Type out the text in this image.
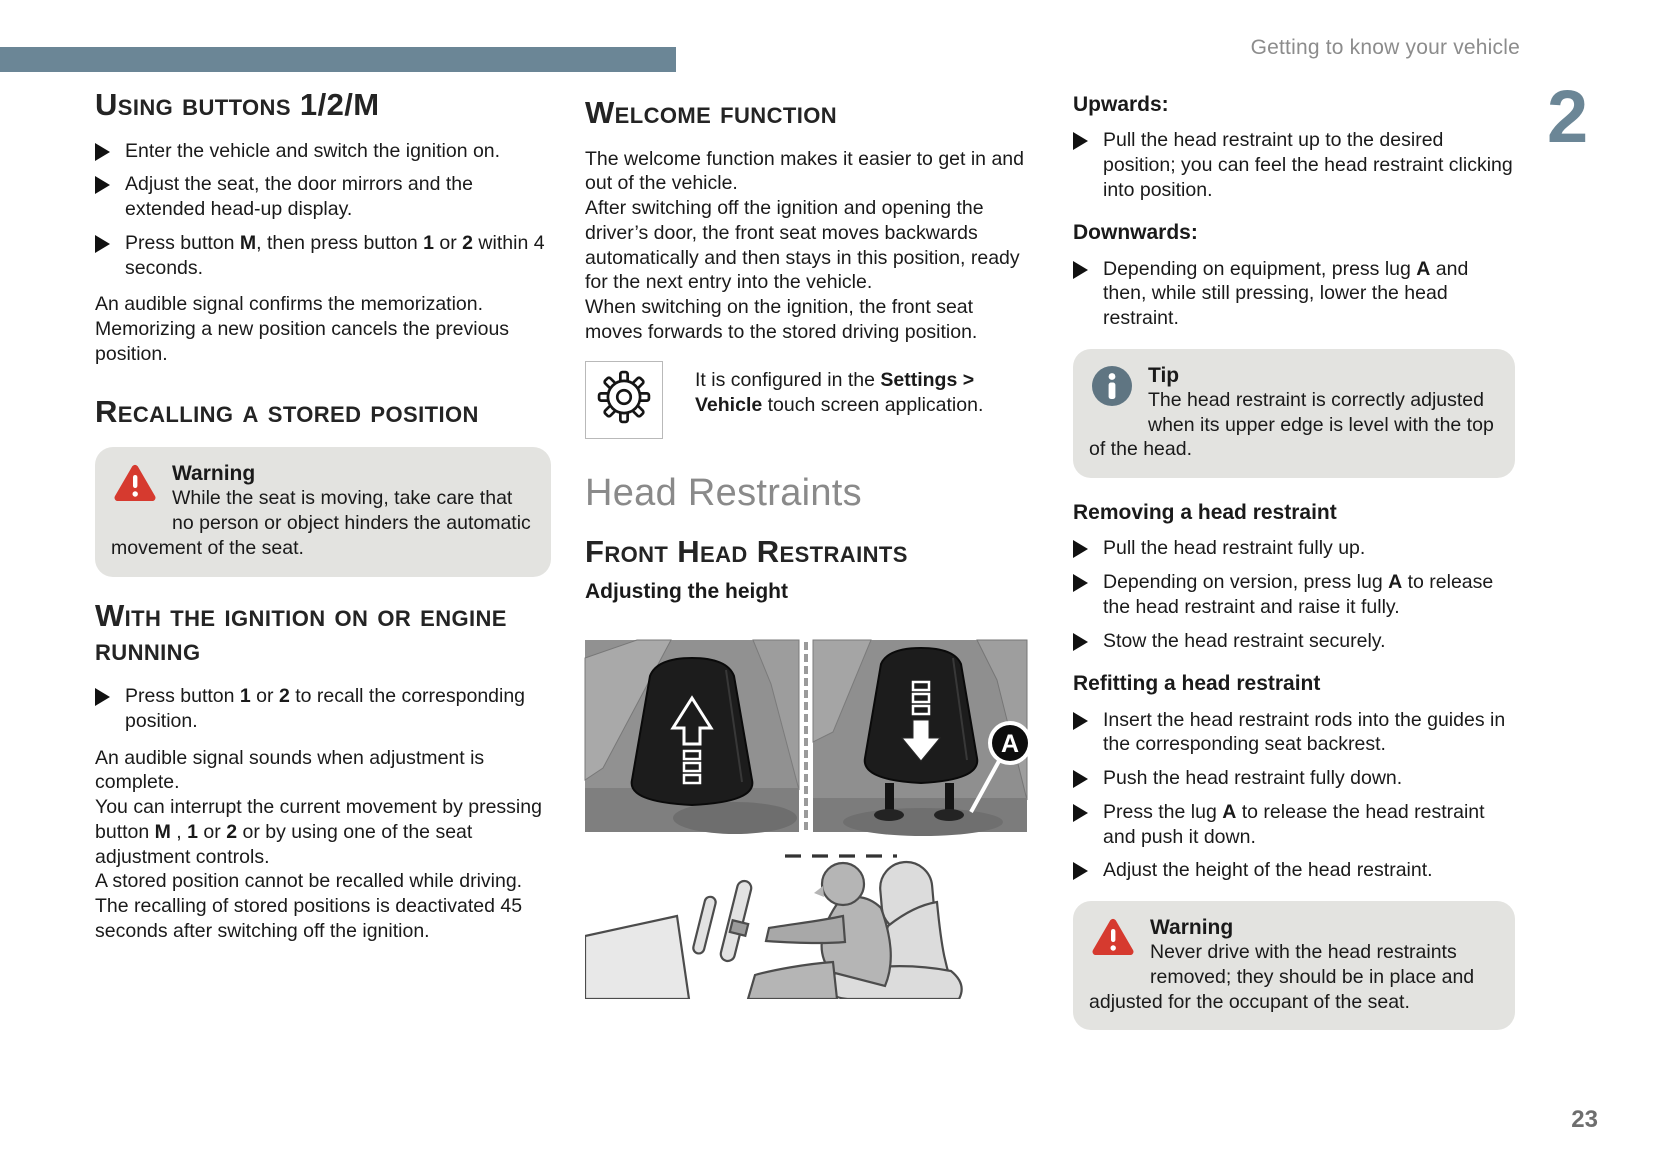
Getting to know your vehicle
2
23
Using buttons 1/2/M
Enter the vehicle and switch the ignition on.
Adjust the seat, the door mirrors and the extended head-up display.
Press button M, then press button 1 or 2 within 4 seconds.

An audible signal confirms the memorization. Memorizing a new position cancels the previous position.

Recalling a stored position
Warning
While the seat is moving, take care that no person or object hinders the automatic movement of the seat.
With the ignition on or engine running
Press button 1 or 2 to recall the corresponding position.

An audible signal sounds when adjustment is complete.

You can interrupt the current movement by pressing button M , 1 or 2 or by using one of the seat adjustment controls.

A stored position cannot be recalled while driving. The recalling of stored positions is deactivated 45 seconds after switching off the ignition.

Welcome function

The welcome function makes it easier to get in and out of the vehicle.

After switching off the ignition and opening the driver’s door, the front seat moves backwards automatically and then stays in this position, ready for the next entry into the vehicle.

When switching on the ignition, the front seat moves forwards to the stored driving position.

It is configured in the Settings > Vehicle touch screen application.
Head Restraints
Front Head Restraints
Adjusting the height
A
Upwards:
Pull the head restraint up to the desired position; you can feel the head restraint clicking into position.
Downwards:
Depending on equipment, press lug A and then, while still pressing, lower the head restraint.
Tip
The head restraint is correctly adjusted when its upper edge is level with the top of the head.
Removing a head restraint
Pull the head restraint fully up.
Depending on version, press lug A to release the head restraint and raise it fully.
Stow the head restraint securely.
Refitting a head restraint
Insert the head restraint rods into the guides in the corresponding seat backrest.
Push the head restraint fully down.
Press the lug A to release the head restraint and push it down.
Adjust the height of the head restraint.
Warning
Never drive with the head restraints removed; they should be in place and adjusted for the occupant of the seat.
